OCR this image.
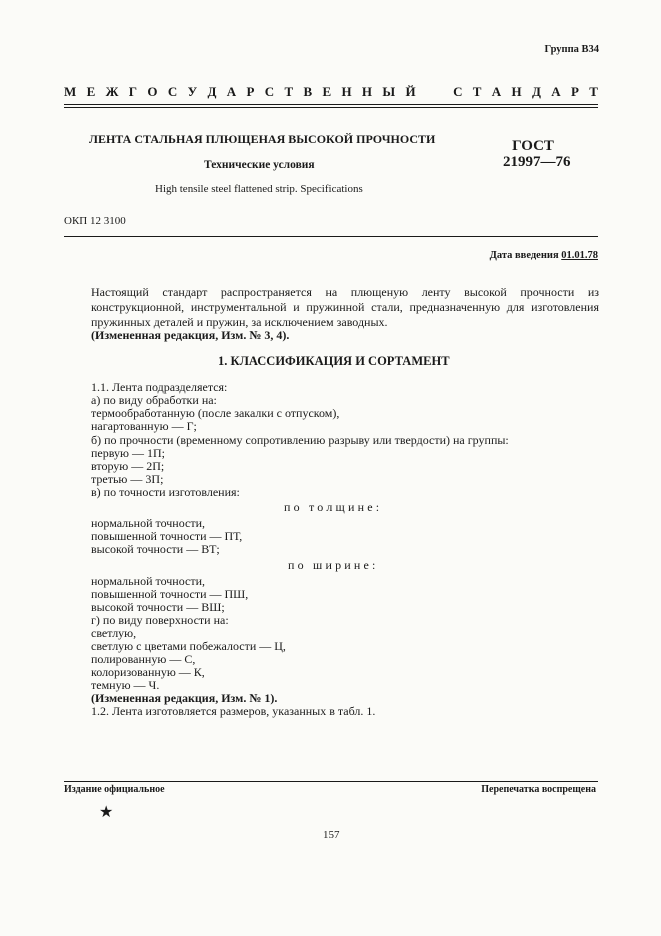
Группа В34
М Е Ж Г О С У Д А Р С Т В Е Н Н Ы Й

	С Т А Н Д А Р Т
ЛЕНТА СТАЛЬНАЯ ПЛЮЩЕНАЯ ВЫСОКОЙ ПРОЧНОСТИ
Технические условия
High tensile steel flattened strip. Specifications
ГОСТ
21997—76
ОКП 12 3100
Дата введения 01.01.78

Настоящий стандарт распространяется на плющеную ленту высокой прочности из конструкционной, инструментальной и пружинной стали, предназначенную для изготовления пружинных деталей и пружин, за исключением заводных.

(Измененная редакция, Изм. № 3, 4).
1. КЛАССИФИКАЦИЯ И СОРТАМЕНТ
1.1. Лента подразделяется:
а) по виду обработки на:
термообработанную (после закалки с отпуском),
нагартованную — Г;
б) по прочности (временному сопротивлению разрыву или твердости) на группы:
первую — 1П;
вторую — 2П;
третью — 3П;
в) по точности изготовления:
по толщине:
нормальной точности,
повышенной точности — ПТ,
высокой точности — ВТ;
по ширине:
нормальной точности,
повышенной точности — ПШ,
высокой точности — ВШ;
г) по виду поверхности на:
светлую,
светлую с цветами побежалости — Ц,
полированную — С,
колоризованную — К,
темную — Ч.
(Измененная редакция, Изм. № 1).
1.2. Лента изготовляется размеров, указанных в табл. 1.
Издание официальное	Перепечатка воспрещена
★
157
